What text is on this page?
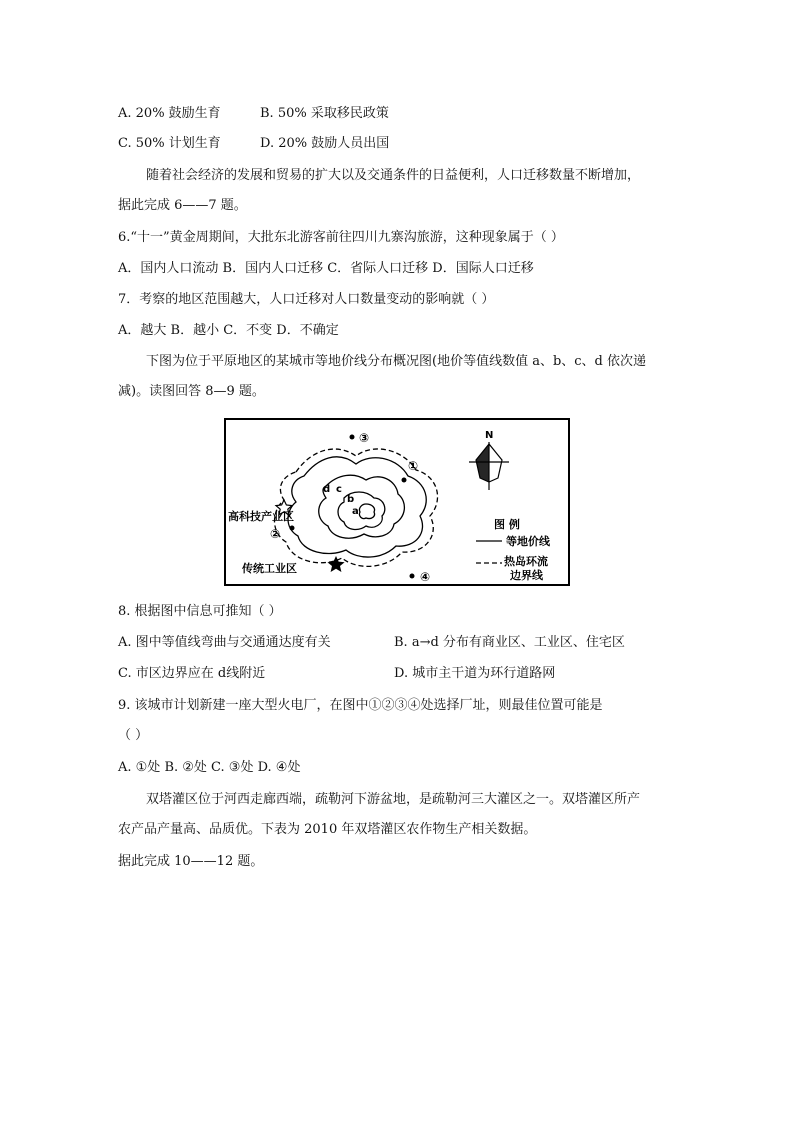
A. 20% 鼓励生育	B. 50% 采取移民政策
C. 50% 计划生育	D. 20% 鼓励人员出国
随着社会经济的发展和贸易的扩大以及交通条件的日益便利，人口迁移数量不断增加，
据此完成 6——7 题。
6.“十一”黄金周期间，大批东北游客前往四川九寨沟旅游，这种现象属于（ ）
A．国内人口流动 B．国内人口迁移 C．省际人口迁移 D．国际人口迁移
7．考察的地区范围越大，人口迁移对人口数量变动的影响就（ ）
A．越大 B．越小 C．不变 D．不确定
下图为位于平原地区的某城市等地价线分布概况图(地价等值线数值 a、b、c、d 依次递
减)。读图回答 8—9 题。
a
b
c
d
③
①
②
④
高科技产业区
传统工业区
N
图 例
等地价线
热岛环流
边界线
8. 根据图中信息可推知（ ）
A. 图中等值线弯曲与交通通达度有关	B. a→d 分布有商业区、工业区、住宅区
C. 市区边界应在 d线附近	D. 城市主干道为环行道路网
9. 该城市计划新建一座大型火电厂，在图中①②③④处选择厂址，则最佳位置可能是
（ ）
A. ①处 B. ②处 C. ③处 D. ④处
双塔灌区位于河西走廊西端，疏勒河下游盆地，是疏勒河三大灌区之一。双塔灌区所产
农产品产量高、品质优。下表为 2010 年双塔灌区农作物生产相关数据。
据此完成 10——12 题。
